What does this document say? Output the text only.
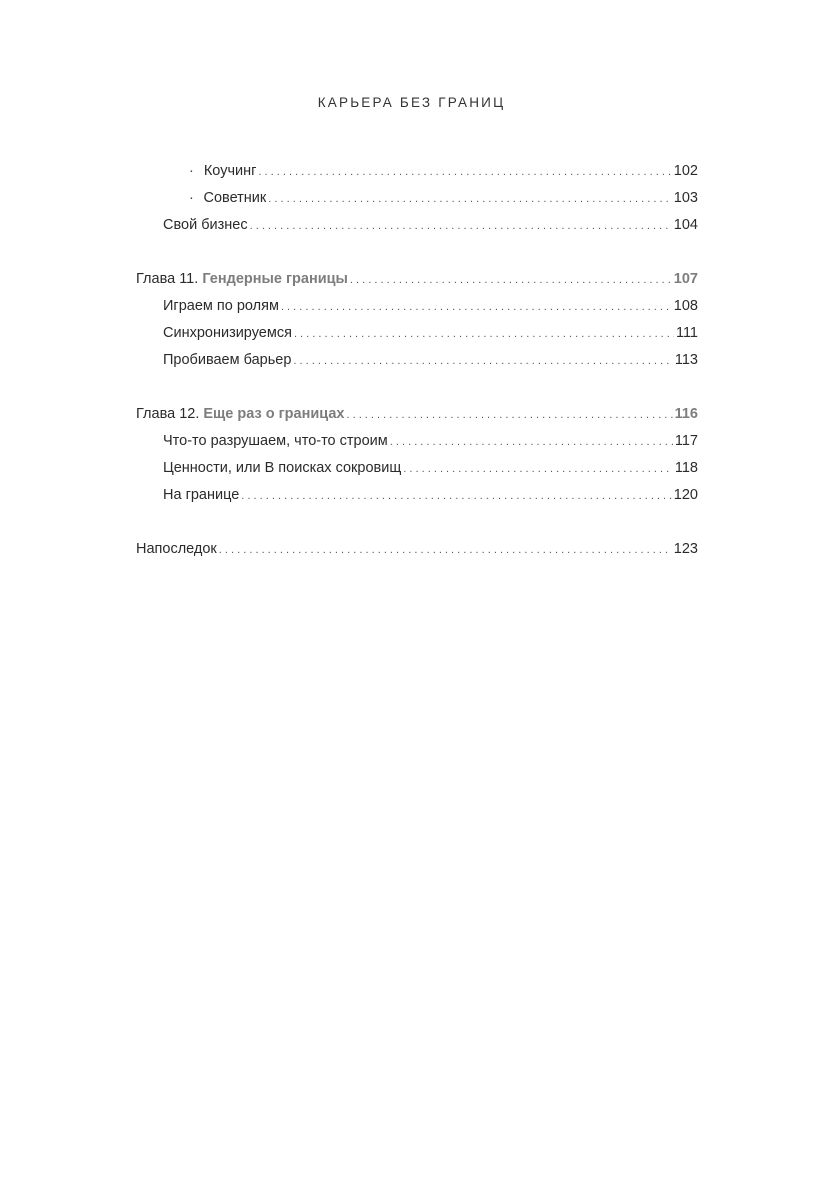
КАРЬЕРА БЕЗ ГРАНИЦ
· Коучинг . . .	102
· Советник . . .	103
Свой бизнес . . .	104
Глава 11. Гендерные границы . . .	107
Играем по ролям . . .	108
Синхронизируемся . . .	111
Пробиваем барьер . . .	113
Глава 12. Еще раз о границах . . .	116
Что-то разрушаем, что-то строим . . .	117
Ценности, или В поисках сокровищ . . .	118
На границе . . .	120
Напоследок . . .	123
